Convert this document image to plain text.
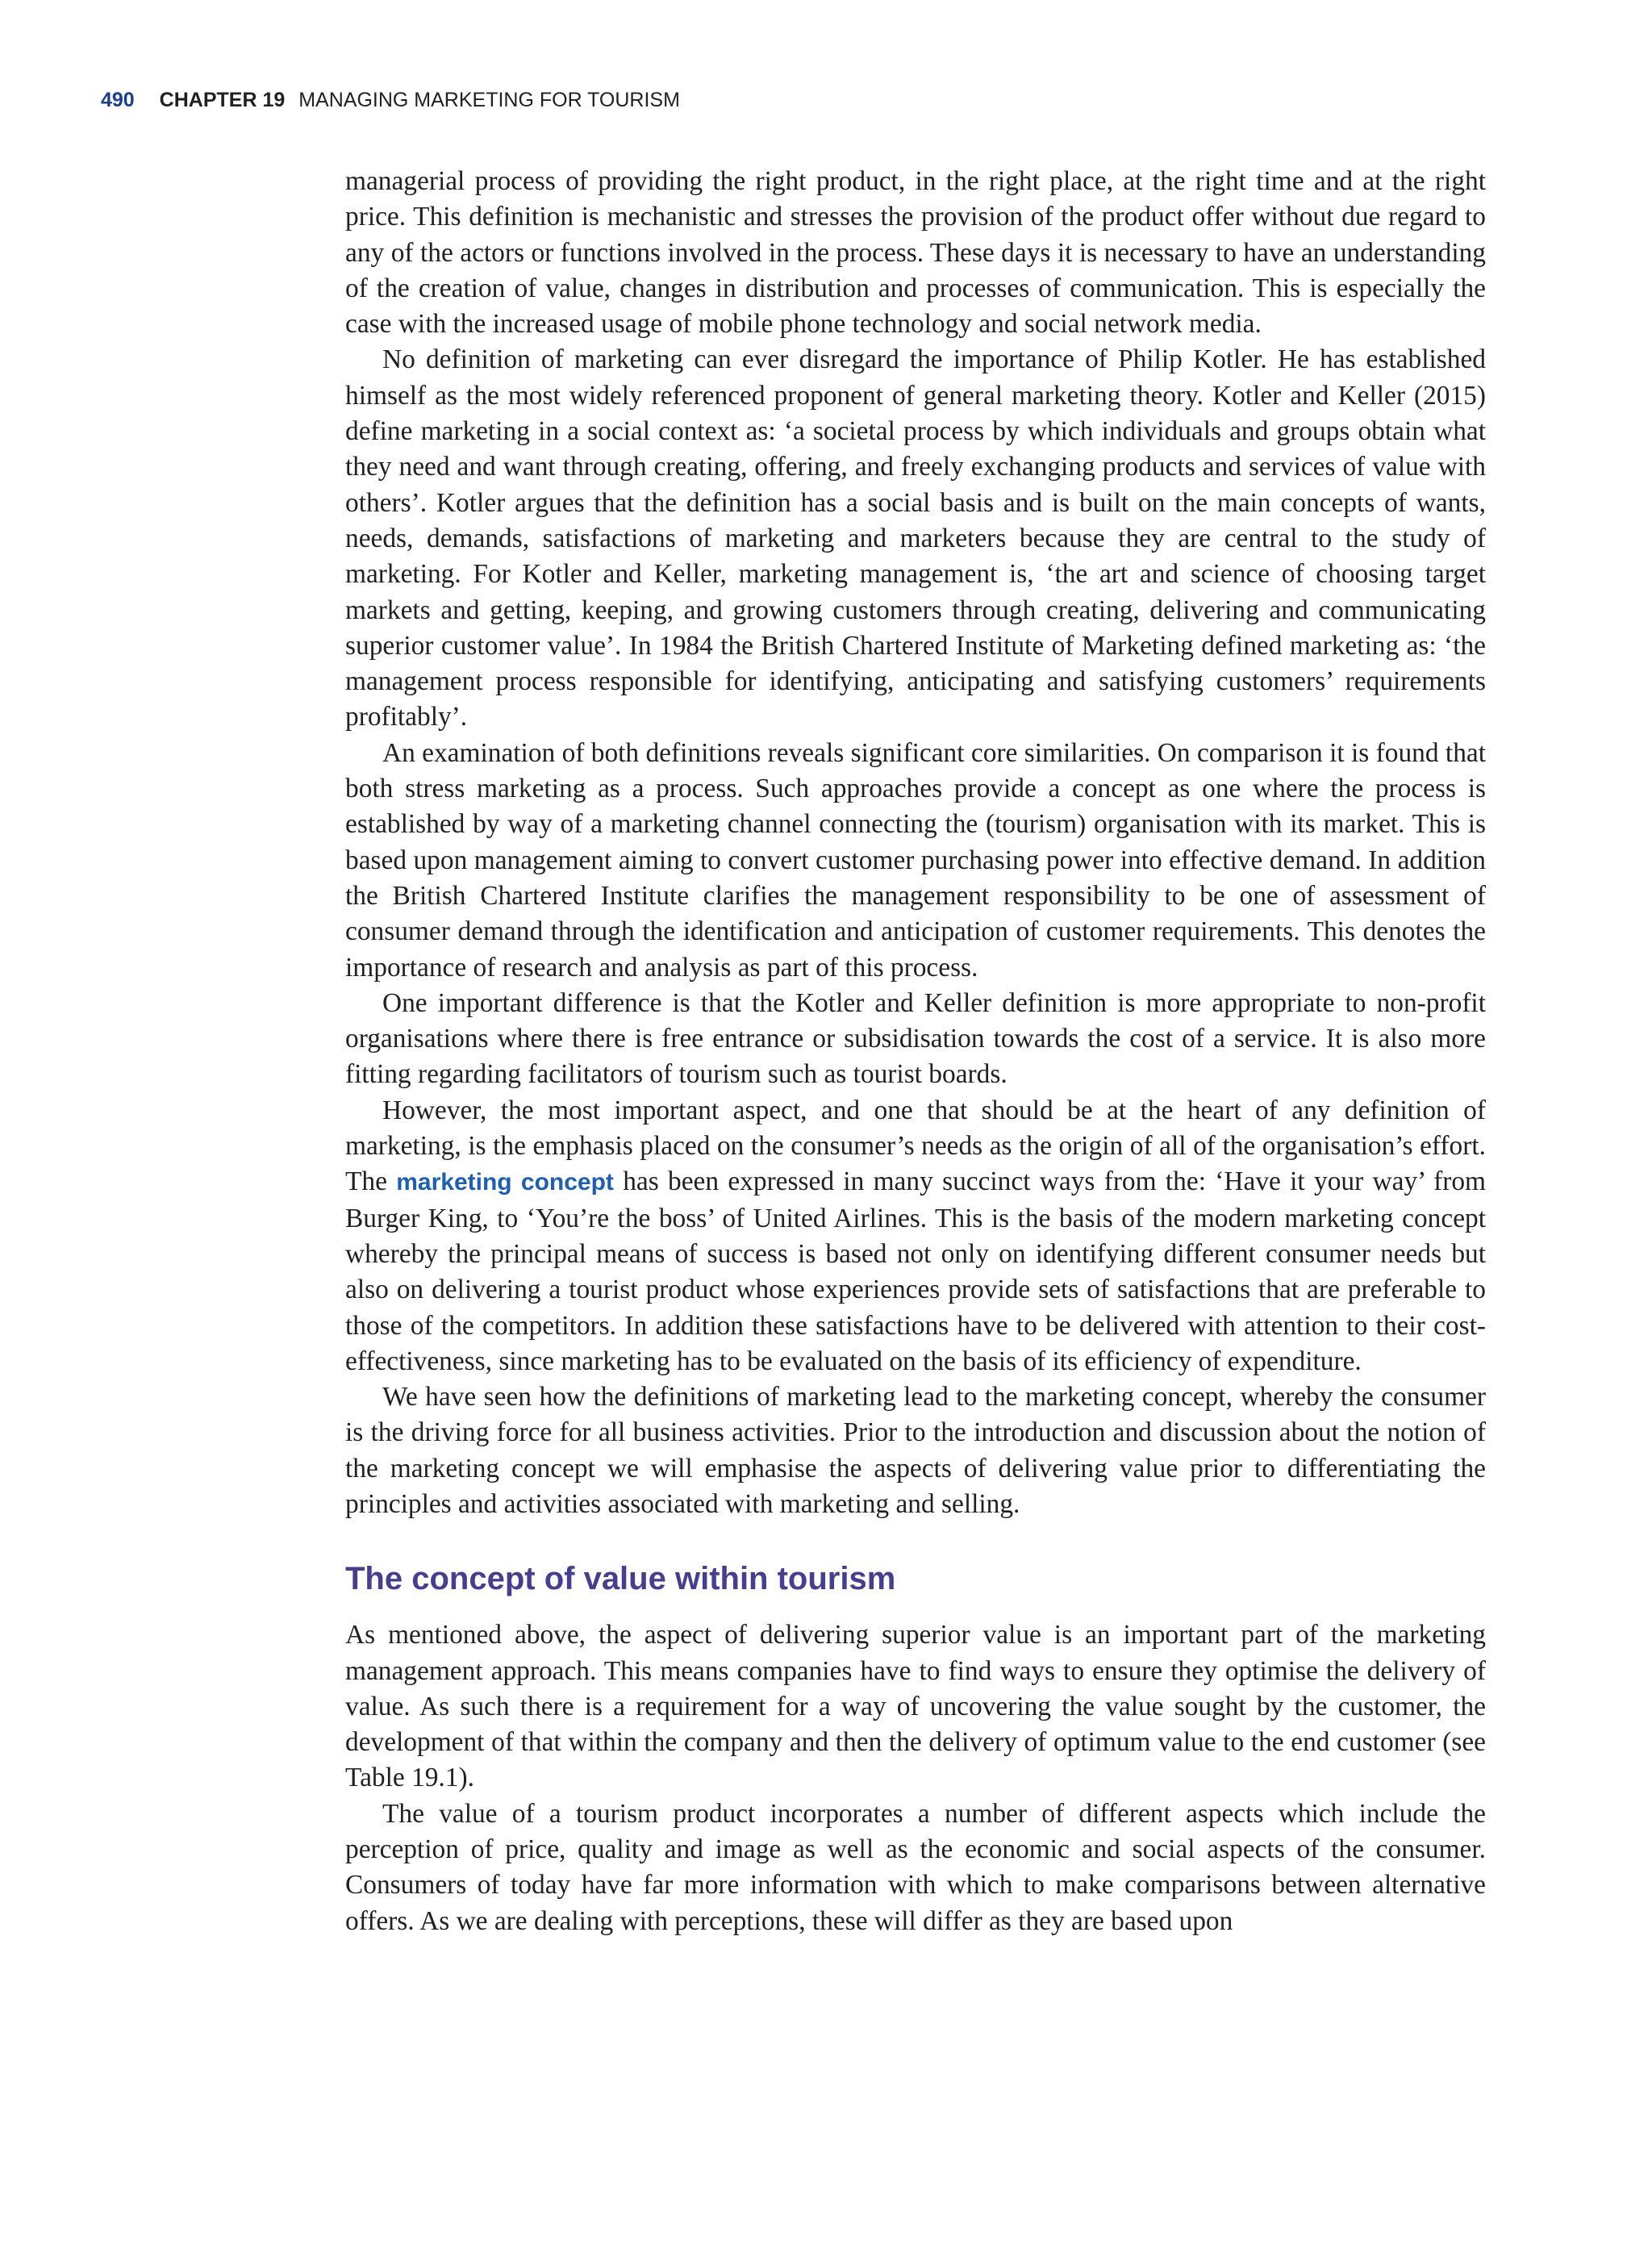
490 CHAPTER 19 MANAGING MARKETING FOR TOURISM

managerial process of providing the right product, in the right place, at the right time and at the right price. This definition is mechanistic and stresses the provision of the product offer without due regard to any of the actors or functions involved in the process. These days it is necessary to have an understanding of the creation of value, changes in distribution and processes of communication. This is especially the case with the increased usage of mobile phone technology and social network media.

No definition of marketing can ever disregard the importance of Philip Kotler. He has established himself as the most widely referenced proponent of general marketing theory. Kotler and Keller (2015) define marketing in a social context as: ‘a societal process by which individuals and groups obtain what they need and want through creating, offering, and freely exchanging products and services of value with others’. Kotler argues that the definition has a social basis and is built on the main concepts of wants, needs, demands, satisfactions of marketing and marketers because they are central to the study of marketing. For Kotler and Keller, marketing management is, ‘the art and science of choosing target markets and getting, keeping, and growing customers through creating, delivering and communicating superior customer value’. In 1984 the British Chartered Institute of Marketing defined marketing as: ‘the management process responsible for identifying, anticipating and satisfying customers’ requirements profitably’.

An examination of both definitions reveals significant core similarities. On comparison it is found that both stress marketing as a process. Such approaches provide a concept as one where the process is established by way of a marketing channel connecting the (tourism) organisation with its market. This is based upon management aiming to convert customer purchasing power into effective demand. In addition the British Chartered Institute clarifies the management responsibility to be one of assessment of consumer demand through the identification and anticipation of customer requirements. This denotes the importance of research and analysis as part of this process.

One important difference is that the Kotler and Keller definition is more appropriate to non-profit organisations where there is free entrance or subsidisation towards the cost of a service. It is also more fitting regarding facilitators of tourism such as tourist boards.

However, the most important aspect, and one that should be at the heart of any definition of marketing, is the emphasis placed on the consumer’s needs as the origin of all of the organisation’s effort. The marketing concept has been expressed in many succinct ways from the: ‘Have it your way’ from Burger King, to ‘You’re the boss’ of United Airlines. This is the basis of the modern marketing concept whereby the principal means of success is based not only on identifying different consumer needs but also on delivering a tourist product whose experiences provide sets of satisfactions that are preferable to those of the competitors. In addition these satisfactions have to be delivered with attention to their cost-effectiveness, since marketing has to be evaluated on the basis of its efficiency of expenditure.

We have seen how the definitions of marketing lead to the marketing concept, whereby the consumer is the driving force for all business activities. Prior to the introduction and discussion about the notion of the marketing concept we will emphasise the aspects of delivering value prior to differentiating the principles and activities associated with marketing and selling.

The concept of value within tourism

As mentioned above, the aspect of delivering superior value is an important part of the marketing management approach. This means companies have to find ways to ensure they optimise the delivery of value. As such there is a requirement for a way of uncovering the value sought by the customer, the development of that within the company and then the delivery of optimum value to the end customer (see Table 19.1).

The value of a tourism product incorporates a number of different aspects which include the perception of price, quality and image as well as the economic and social aspects of the consumer. Consumers of today have far more information with which to make comparisons between alternative offers. As we are dealing with perceptions, these will differ as they are based upon
